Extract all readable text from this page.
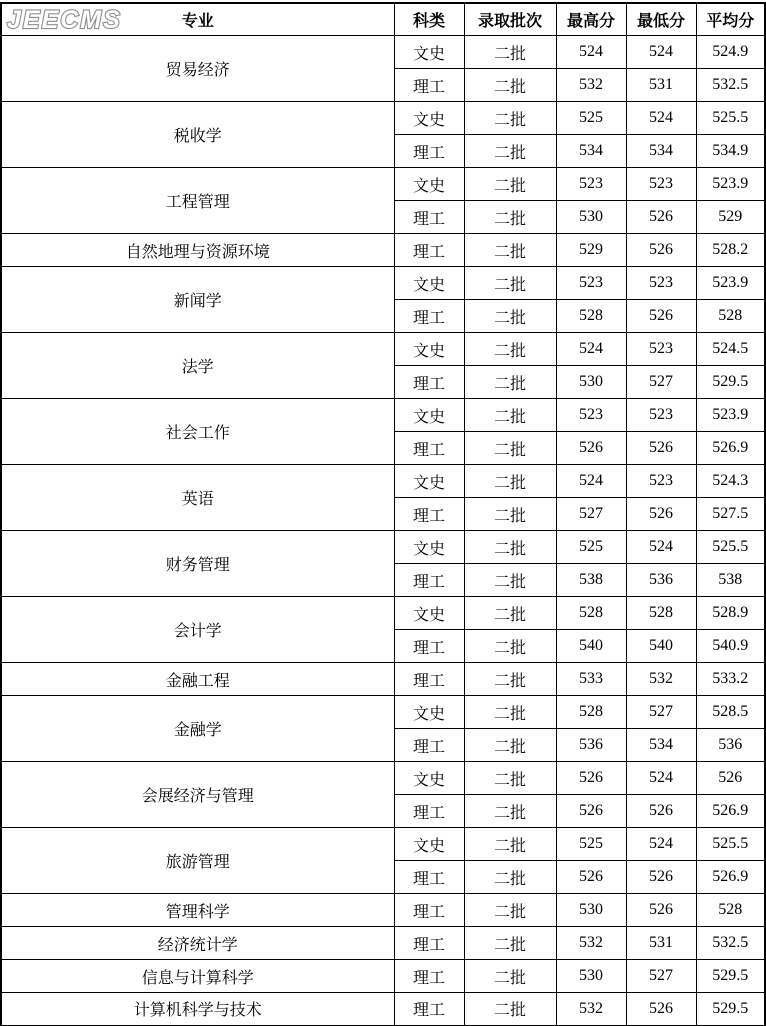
JEECMS	专业	科类	录取批次	最高分	最低分	平均分
贸易经济	文史	二批	524	524	524.9
	理工	二批	532	531	532.5
税收学	文史	二批	525	524	525.5
	理工	二批	534	534	534.9
工程管理	文史	二批	523	523	523.9
	理工	二批	530	526	529
自然地理与资源环境	理工	二批	529	526	528.2
新闻学	文史	二批	523	523	523.9
	理工	二批	528	526	528
法学	文史	二批	524	523	524.5
	理工	二批	530	527	529.5
社会工作	文史	二批	523	523	523.9
	理工	二批	526	526	526.9
英语	文史	二批	524	523	524.3
	理工	二批	527	526	527.5
财务管理	文史	二批	525	524	525.5
	理工	二批	538	536	538
会计学	文史	二批	528	528	528.9
	理工	二批	540	540	540.9
金融工程	理工	二批	533	532	533.2
金融学	文史	二批	528	527	528.5
	理工	二批	536	534	536
会展经济与管理	文史	二批	526	524	526
	理工	二批	526	526	526.9
旅游管理	文史	二批	525	524	525.5
	理工	二批	526	526	526.9
管理科学	理工	二批	530	526	528
经济统计学	理工	二批	532	531	532.5
信息与计算科学	理工	二批	530	527	529.5
计算机科学与技术	理工	二批	532	526	529.5
